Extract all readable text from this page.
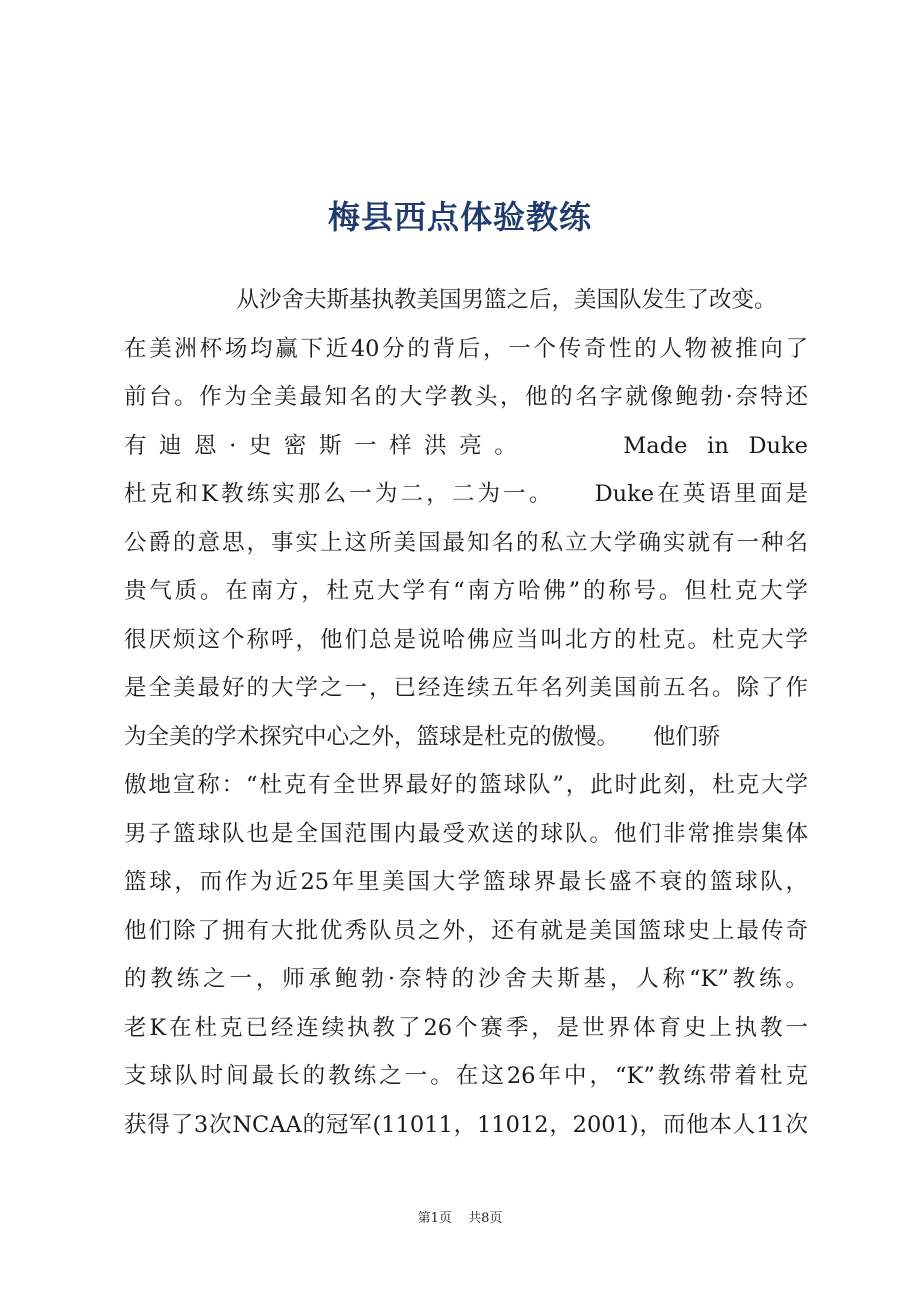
梅县西点体验教练
　　　　　从沙舍夫斯基执教美国男篮之后，美国队发生了改变。
在美洲杯场均赢下近40分的背后，一个传奇性的人物被推向了
前台。作为全美最知名的大学教头，他的名字就像鲍勃·奈特还
有迪恩·史密斯一样洪亮。　　　Made in Duke
杜克和K教练实那么一为二，二为一。　　Duke在英语里面是
公爵的意思，事实上这所美国最知名的私立大学确实就有一种名
贵气质。在南方，杜克大学有“南方哈佛”的称号。但杜克大学
很厌烦这个称呼，他们总是说哈佛应当叫北方的杜克。杜克大学
是全美最好的大学之一，已经连续五年名列美国前五名。除了作
为全美的学术探究中心之外，篮球是杜克的傲慢。　　他们骄
傲地宣称：“杜克有全世界最好的篮球队”，此时此刻，杜克大学
男子篮球队也是全国范围内最受欢送的球队。他们非常推崇集体
篮球，而作为近25年里美国大学篮球界最长盛不衰的篮球队，
他们除了拥有大批优秀队员之外，还有就是美国篮球史上最传奇
的教练之一，师承鲍勃·奈特的沙舍夫斯基，人称“K”教练。
老K在杜克已经连续执教了26个赛季，是世界体育史上执教一
支球队时间最长的教练之一。在这26年中，“K”教练带着杜克
获得了3次NCAA的冠军(11011，11012，2001)，而他本人11次
第1页 共8页
